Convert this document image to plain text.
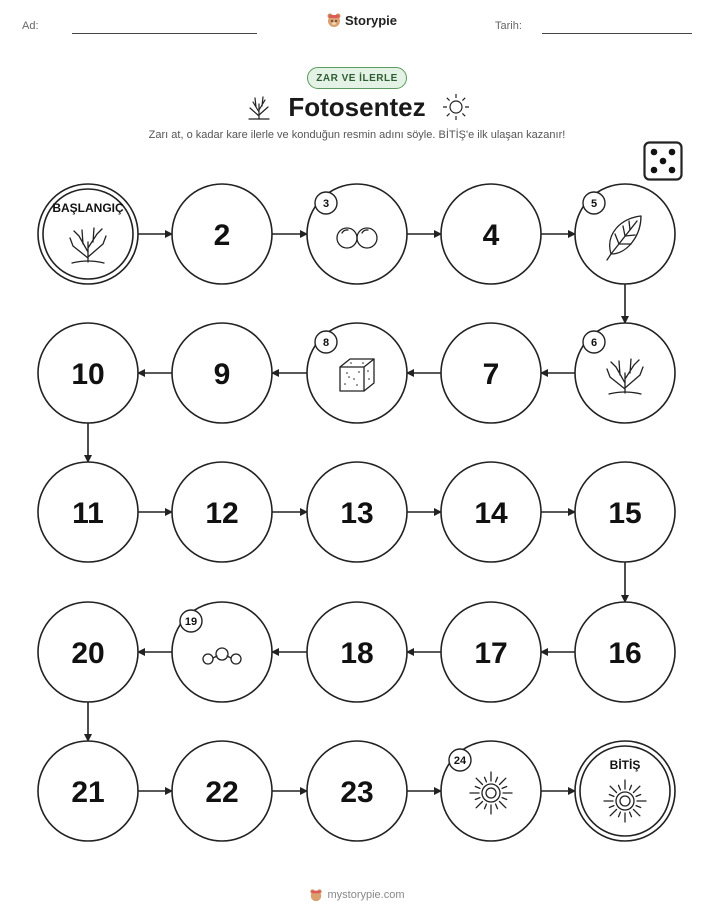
Ad:	Storypie	Tarih:
ZAR VE İLERLE
Fotosentez
Zarı at, o kadar kare ilerle ve konduğun resmin adını söyle. BİTİŞ'e ilk ulaşan kazanır!
BAŞLANGIÇ
2
3
4
5
6
7
8
9
10
11	12	13	14	15
16
17
18
19
20
21	22	23
24	BİTİŞ
mystorypie.com
